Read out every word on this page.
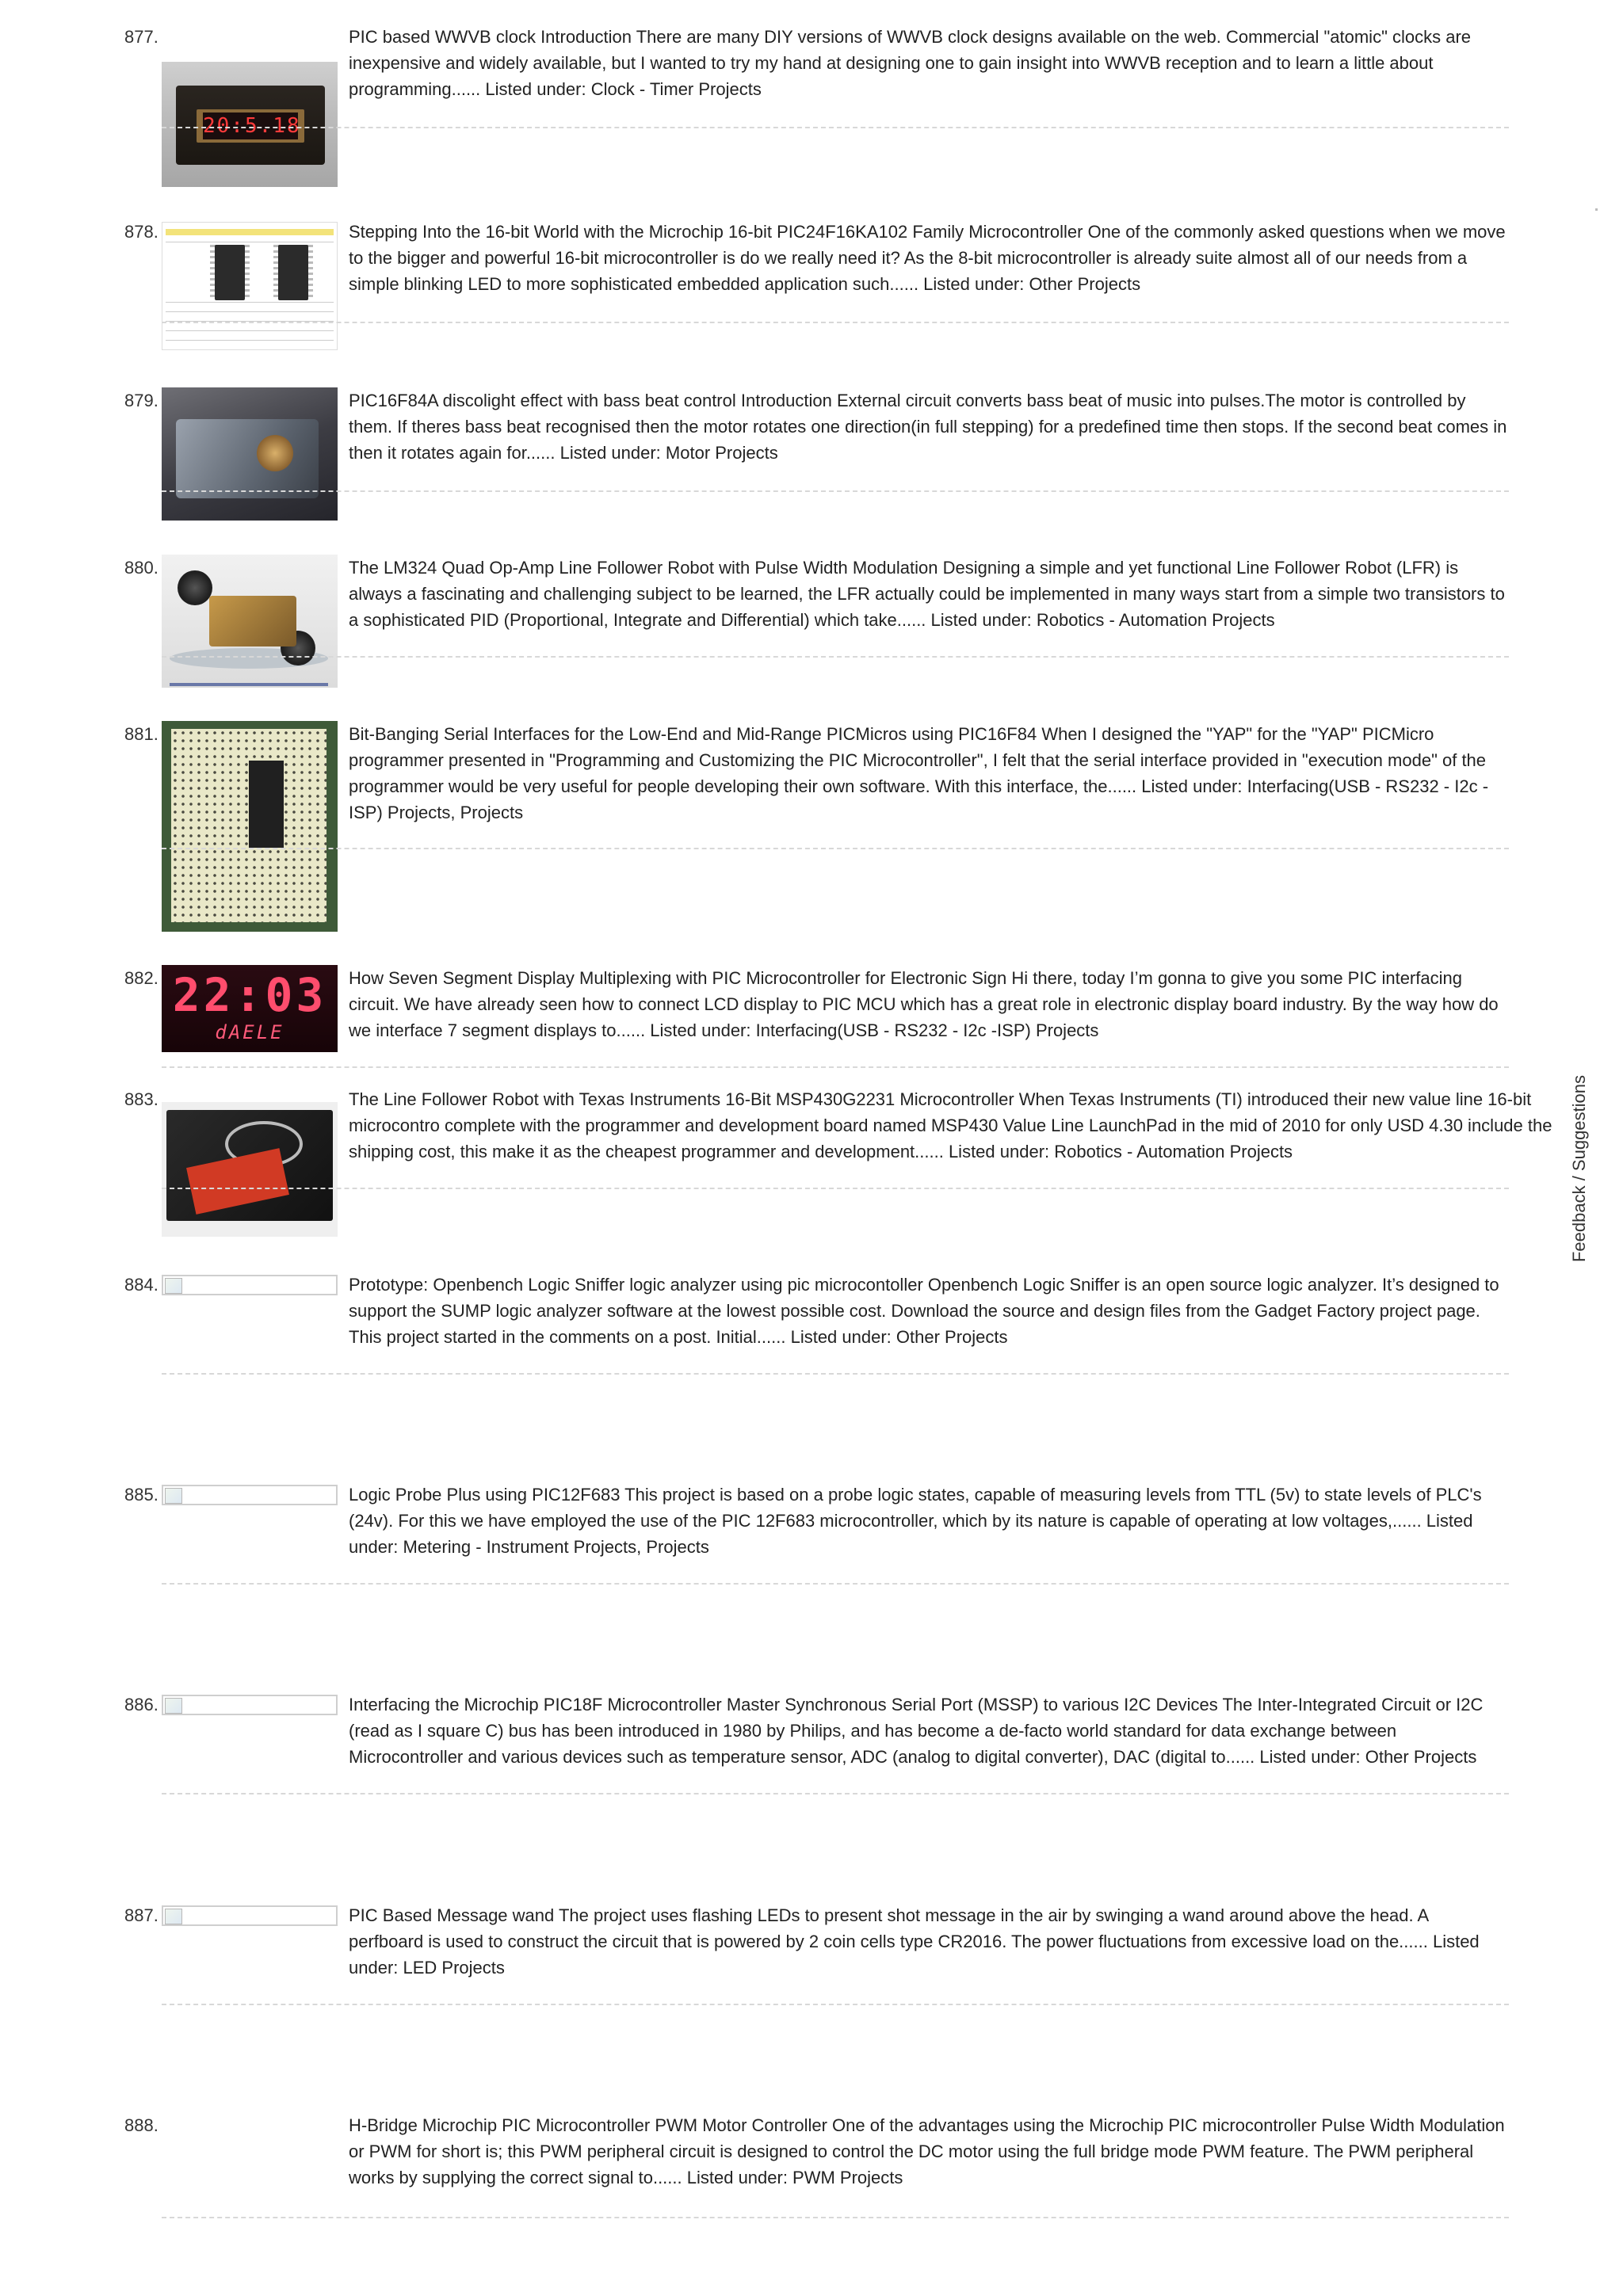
877.
20:5.18
PIC based WWVB clock Introduction There are many DIY versions of WWVB clock designs available on the web. Commercial "atomic" clocks are inexpensive and widely available, but I wanted to try my hand at designing one to gain insight into WWVB reception and to learn a little about programming...... Listed under: Clock - Timer Projects
878.	Stepping Into the 16-bit World with the Microchip 16-bit PIC24F16KA102 Family Microcontroller One of the commonly asked questions when we move to the bigger and powerful 16-bit microcontroller is do we really need it? As the 8-bit microcontroller is already suite almost all of our needs from a simple blinking LED to more sophisticated embedded application such...... Listed under: Other Projects
879.	PIC16F84A discolight effect with bass beat control Introduction External circuit converts bass beat of music into pulses.The motor is controlled by them. If theres bass beat recognised then the motor rotates one direction(in full stepping) for a predefined time then stops. If the second beat comes in then it rotates again for...... Listed under: Motor Projects
880.	The LM324 Quad Op-Amp Line Follower Robot with Pulse Width Modulation Designing a simple and yet functional Line Follower Robot (LFR) is always a fascinating and challenging subject to be learned, the LFR actually could be implemented in many ways start from a simple two transistors to a sophisticated PID (Proportional, Integrate and Differential) which take...... Listed under: Robotics - Automation Projects
881.	Bit-Banging Serial Interfaces for the Low-End and Mid-Range PICMicros using PIC16F84 When I designed the "YAP" for the "YAP" PICMicro programmer presented in "Programming and Customizing the PIC Microcontroller", I felt that the serial interface provided in "execution mode" of the programmer would be very useful for people developing their own software. With this interface, the...... Listed under: Interfacing(USB - RS232 - I2c -ISP) Projects, Projects
882. 22:03
dAELE
How Seven Segment Display Multiplexing with PIC Microcontroller for Electronic Sign Hi there, today I’m gonna to give you some PIC interfacing circuit. We have already seen how to connect LCD display to PIC MCU which has a great role in electronic display board industry. By the way how do we interface 7 segment displays to...... Listed under: Interfacing(USB - RS232 - I2c -ISP) Projects
883.	The Line Follower Robot with Texas Instruments 16-Bit MSP430G2231 Microcontroller When Texas Instruments (TI) introduced their new value line 16-bit microcontro complete with the programmer and development board named MSP430 Value Line LaunchPad in the mid of 2010 for only USD 4.30 include the shipping cost, this make it as the cheapest programmer and development...... Listed under: Robotics - Automation Projects
884.	Prototype: Openbench Logic Sniffer logic analyzer using pic microcontoller Openbench Logic Sniffer is an open source logic analyzer. It’s designed to support the SUMP logic analyzer software at the lowest possible cost. Download the source and design files from the Gadget Factory project page. This project started in the comments on a post. Initial...... Listed under: Other Projects
885.	Logic Probe Plus using PIC12F683 This project is based on a probe logic states, capable of measuring levels from TTL (5v) to state levels of PLC's (24v). For this we have employed the use of the PIC 12F683 microcontroller, which by its nature is capable of operating at low voltages,...... Listed under: Metering - Instrument Projects, Projects
886.	Interfacing the Microchip PIC18F Microcontroller Master Synchronous Serial Port (MSSP) to various I2C Devices The Inter-Integrated Circuit or I2C (read as I square C) bus has been introduced in 1980 by Philips, and has become a de-facto world standard for data exchange between Microcontroller and various devices such as temperature sensor, ADC (analog to digital converter), DAC (digital to...... Listed under: Other Projects
887.	PIC Based Message wand The project uses flashing LEDs to present shot message in the air by swinging a wand around above the head. A perfboard is used to construct the circuit that is powered by 2 coin cells type CR2016. The power fluctuations from excessive load on the...... Listed under: LED Projects
888.	H-Bridge Microchip PIC Microcontroller PWM Motor Controller One of the advantages using the Microchip PIC microcontroller Pulse Width Modulation or PWM for short is; this PWM peripheral circuit is designed to control the DC motor using the full bridge mode PWM feature. The PWM peripheral works by supplying the correct signal to...... Listed under: PWM Projects
Feedback / Suggestions
